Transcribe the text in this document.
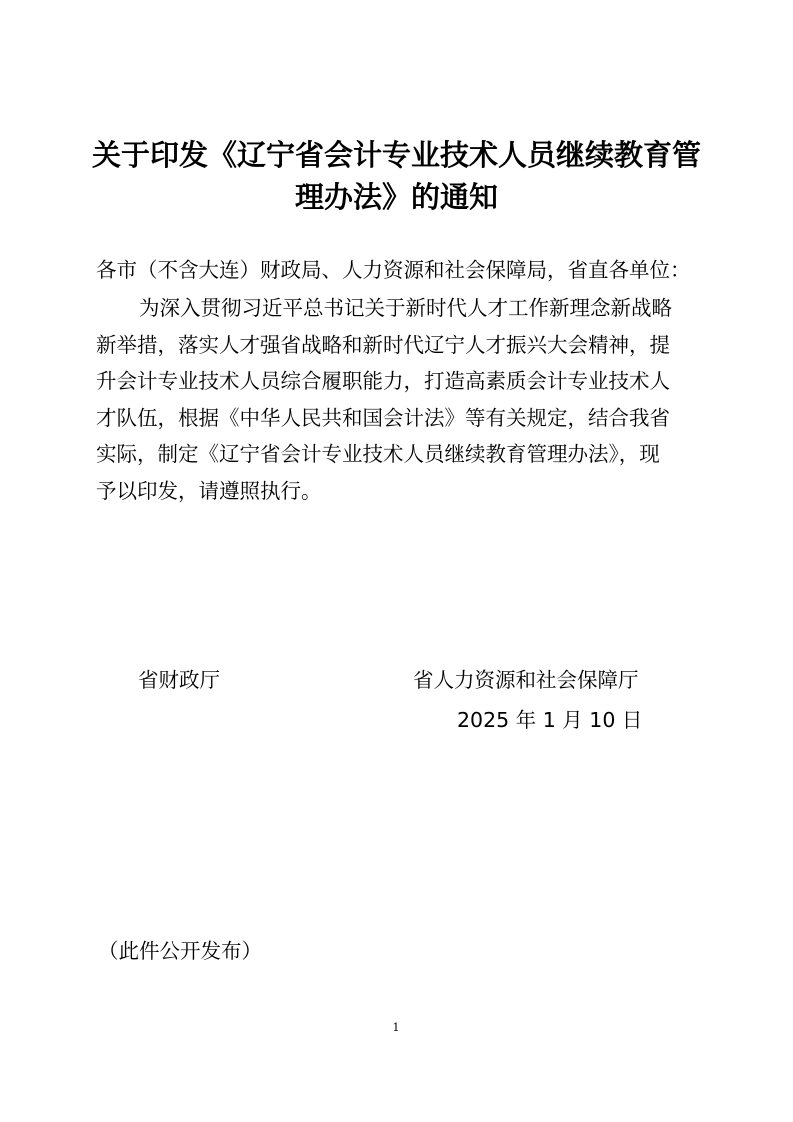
关于印发《辽宁省会计专业技术人员继续教育管
理办法》的通知
各市（不含大连）财政局、人力资源和社会保障局，省直各单位：
为深入贯彻习近平总书记关于新时代人才工作新理念新战略
新举措，落实人才强省战略和新时代辽宁人才振兴大会精神，提
升会计专业技术人员综合履职能力，打造高素质会计专业技术人
才队伍，根据《中华人民共和国会计法》等有关规定，结合我省
实际，制定《辽宁省会计专业技术人员继续教育管理办法》，现
予以印发，请遵照执行。
省财政厅	省人力资源和社会保障厅
2025 年 1 月 10 日
（此件公开发布）
1
